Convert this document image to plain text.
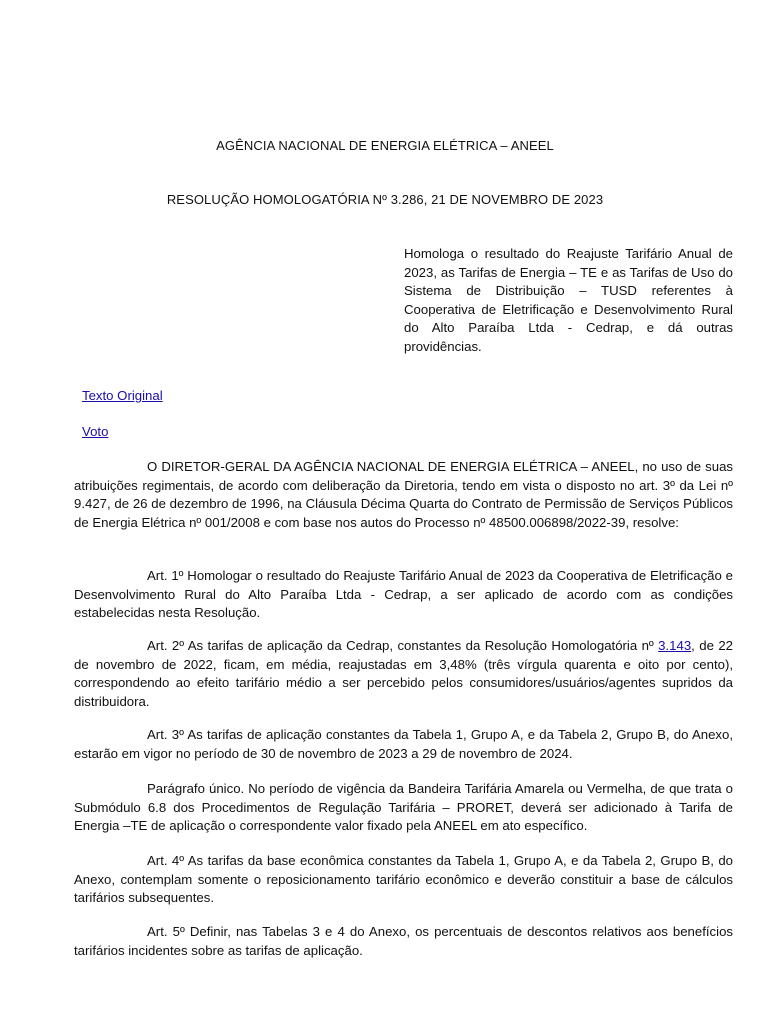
AGÊNCIA NACIONAL DE ENERGIA ELÉTRICA – ANEEL
RESOLUÇÃO HOMOLOGATÓRIA Nº 3.286, 21 DE NOVEMBRO DE 2023

Homologa o resultado do Reajuste Tarifário Anual de 2023, as Tarifas de Energia – TE e as Tarifas de Uso do Sistema de Distribuição – TUSD referentes à Cooperativa de Eletrificação e Desenvolvimento Rural do Alto Paraíba Ltda - Cedrap, e dá outras providências.

Texto Original
Voto

O DIRETOR-GERAL DA AGÊNCIA NACIONAL DE ENERGIA ELÉTRICA – ANEEL, no uso de suas atribuições regimentais, de acordo com deliberação da Diretoria, tendo em vista o disposto no art. 3º da Lei nº 9.427, de 26 de dezembro de 1996, na Cláusula Décima Quarta do Contrato de Permissão de Serviços Públicos de Energia Elétrica nº 001/2008 e com base nos autos do Processo nº 48500.006898/2022-39, resolve:

Art. 1º Homologar o resultado do Reajuste Tarifário Anual de 2023 da Cooperativa de Eletrificação e Desenvolvimento Rural do Alto Paraíba Ltda - Cedrap, a ser aplicado de acordo com as condições estabelecidas nesta Resolução.

Art. 2º As tarifas de aplicação da Cedrap, constantes da Resolução Homologatória nº 3.143, de 22 de novembro de 2022, ficam, em média, reajustadas em 3,48% (três vírgula quarenta e oito por cento), correspondendo ao efeito tarifário médio a ser percebido pelos consumidores/usuários/agentes supridos da distribuidora.

Art. 3º As tarifas de aplicação constantes da Tabela 1, Grupo A, e da Tabela 2, Grupo B, do Anexo, estarão em vigor no período de 30 de novembro de 2023 a 29 de novembro de 2024.

Parágrafo único. No período de vigência da Bandeira Tarifária Amarela ou Vermelha, de que trata o Submódulo 6.8 dos Procedimentos de Regulação Tarifária – PRORET, deverá ser adicionado à Tarifa de Energia –TE de aplicação o correspondente valor fixado pela ANEEL em ato específico.

Art. 4º As tarifas da base econômica constantes da Tabela 1, Grupo A, e da Tabela 2, Grupo B, do Anexo, contemplam somente o reposicionamento tarifário econômico e deverão constituir a base de cálculos tarifários subsequentes.

Art. 5º Definir, nas Tabelas 3 e 4 do Anexo, os percentuais de descontos relativos aos benefícios tarifários incidentes sobre as tarifas de aplicação.
